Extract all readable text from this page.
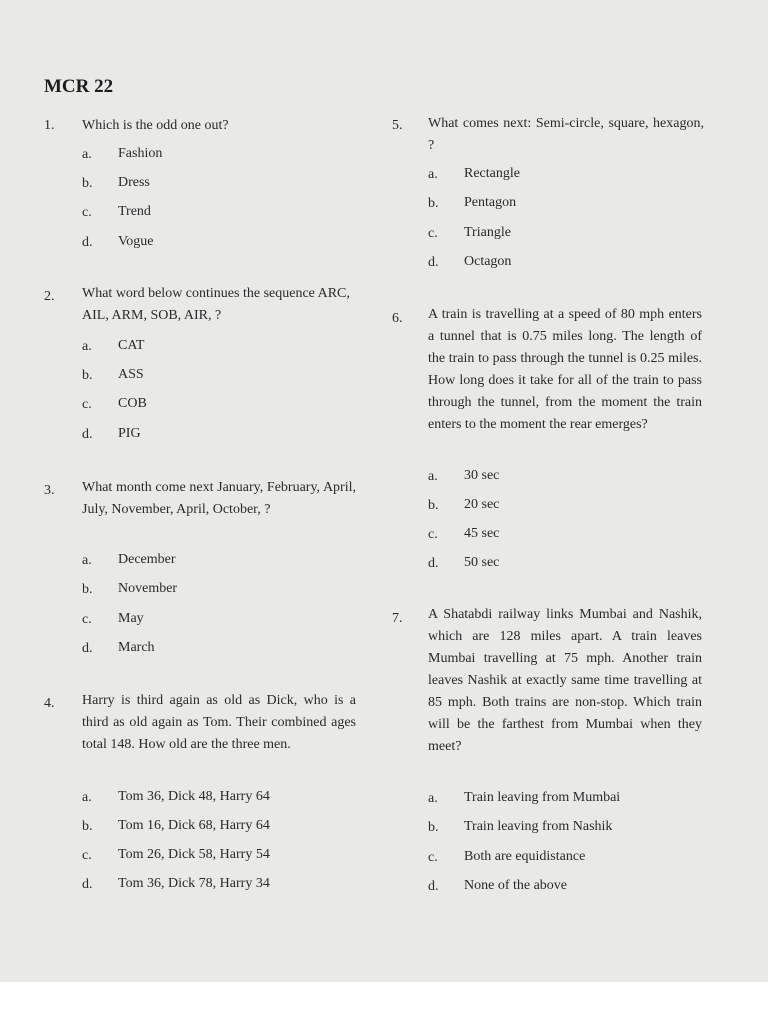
MCR 22
1. Which is the odd one out?
a. Fashion
b. Dress
c. Trend
d. Vogue
2. What word below continues the sequence ARC, AIL, ARM, SOB, AIR, ?
a. CAT
b. ASS
c. COB
d. PIG
3. What month come next January, February, April, July, November, April, October, ?
a. December
b. November
c. May
d. March
4. Harry is third again as old as Dick, who is a third as old again as Tom. Their combined ages total 148. How old are the three men.
a. Tom 36, Dick 48, Harry 64
b. Tom 16, Dick 68, Harry 64
c. Tom 26, Dick 58, Harry 54
d. Tom 36, Dick 78, Harry 34
5. What comes next: Semi-circle, square, hexagon, ?
a. Rectangle
b. Pentagon
c. Triangle
d. Octagon
6. A train is travelling at a speed of 80 mph enters a tunnel that is 0.75 miles long. The length of the train to pass through the tunnel is 0.25 miles. How long does it take for all of the train to pass through the tunnel, from the moment the train enters to the moment the rear emerges?
a. 30 sec
b. 20 sec
c. 45 sec
d. 50 sec
7. A Shatabdi railway links Mumbai and Nashik, which are 128 miles apart. A train leaves Mumbai travelling at 75 mph. Another train leaves Nashik at exactly same time travelling at 85 mph. Both trains are non-stop. Which train will be the farthest from Mumbai when they meet?
a. Train leaving from Mumbai
b. Train leaving from Nashik
c. Both are equidistance
d. None of the above
